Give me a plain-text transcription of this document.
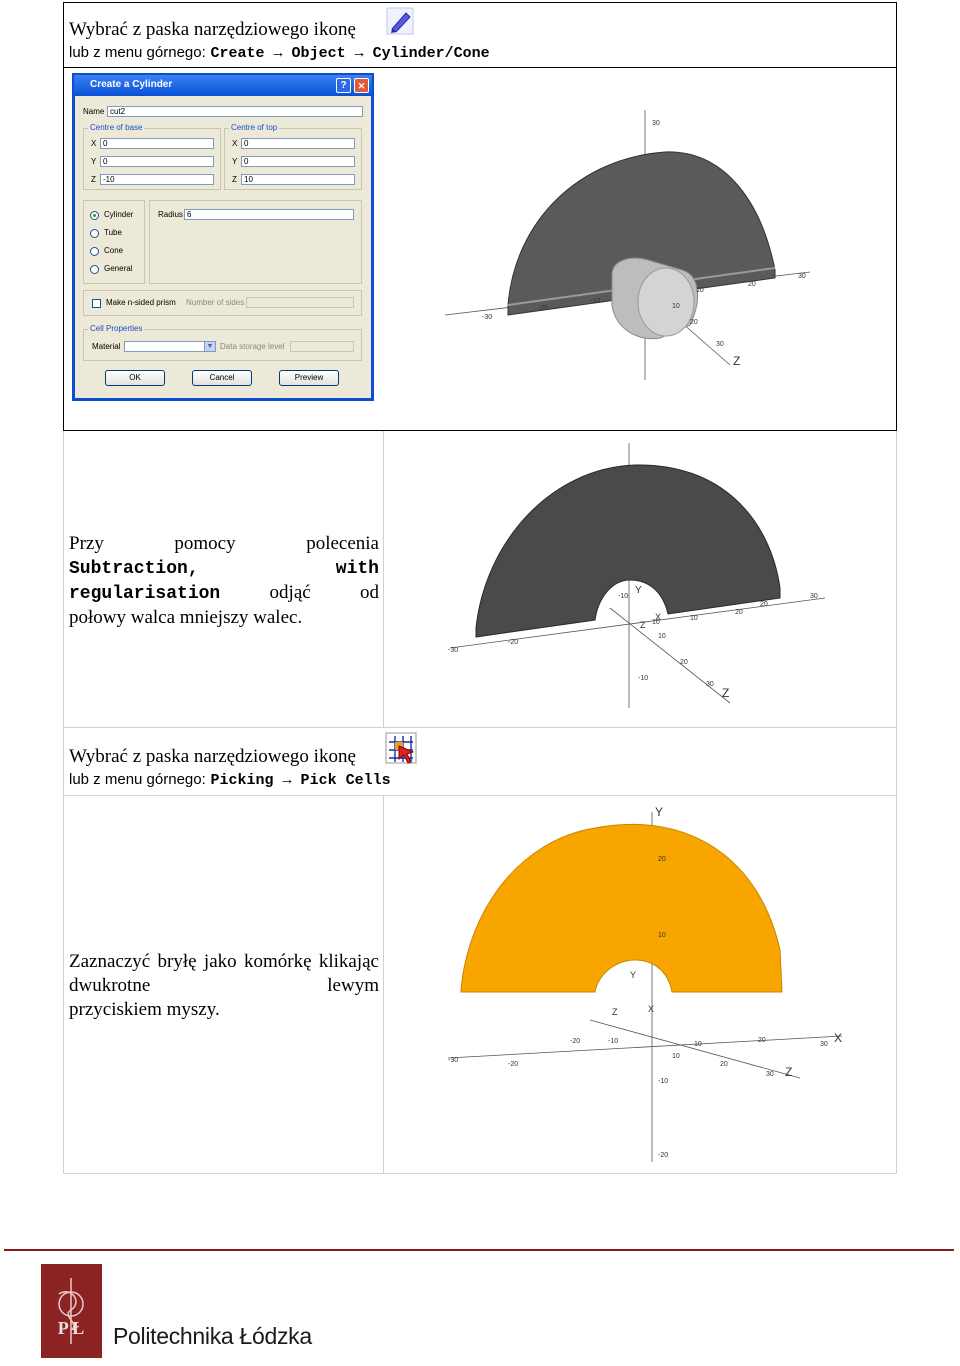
Wybrać z paska narzędziowego ikonę
lub z menu górnego: Create → Object → Cylinder/Cone
Create a Cylinder	?	✕
Name cut2
Centre of base
X 0
Y 0
Z -10
Centre of top
X 0
Y 0
Z 10
Cylinder
Tube
Cone
General
Radius 6
Make n-sided prism Number of sides
Cell Properties
Material	▼ Data storage level
OK	Cancel	Preview
30
-30
-20
-10
10
20
30
10
20
30
Z
Przy pomocy polecenia Subtraction,	with regularisation	odjąć od
połowy walca mniejszy walec.
Y
-10
Z
X
10
10
20
30
-20
-30
20
30
10
20
-10
Z
Wybrać z paska narzędziowego ikonę
lub z menu górnego: Picking → Pick Cells
Zaznaczyć bryłę jako komórkę klikając dwukrotne lewym
przyciskiem myszy.
Y
20
10
-10
-20
Y
Z	X
-30
-20
-20	-10	10
20
30
10
20
30
X
Z
P Ł Politechnika Łódzka
